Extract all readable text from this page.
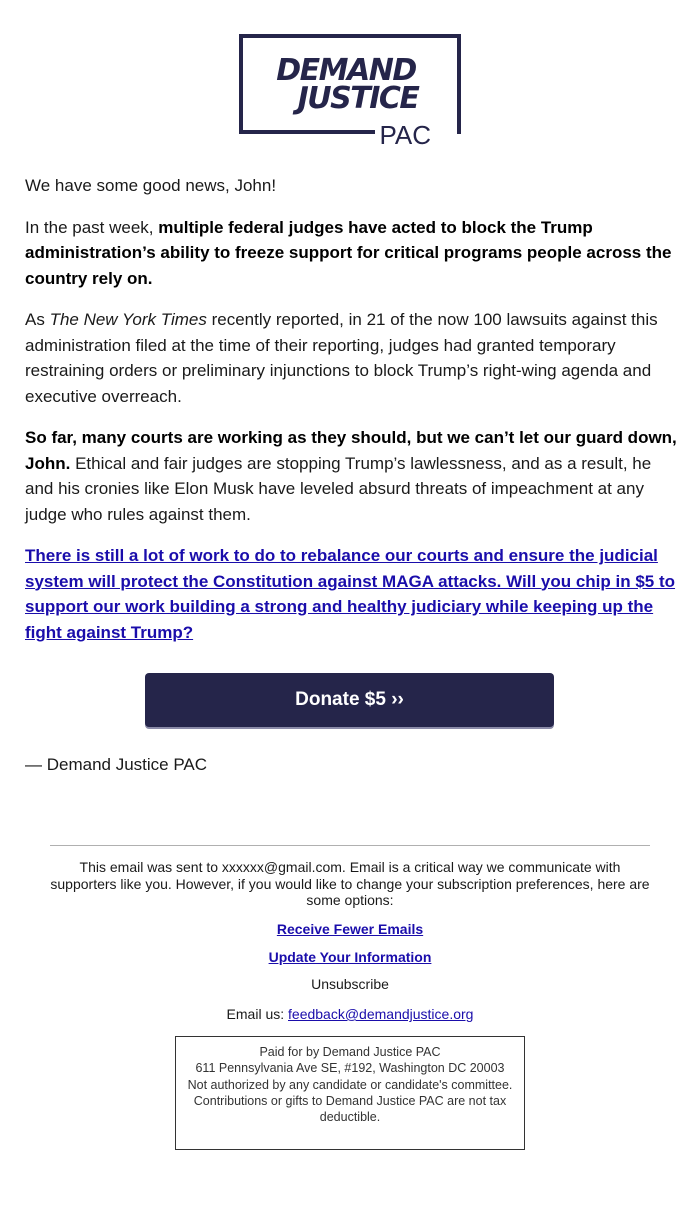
DEMAND
JUSTICE
PAC

We have some good news, John!

In the past week, multiple federal judges have acted to block the Trump administration’s ability to freeze support for critical programs people across the country rely on.

As The New York Times recently reported, in 21 of the now 100 lawsuits against this administration filed at the time of their reporting, judges had granted temporary restraining orders or preliminary injunctions to block Trump’s right-wing agenda and executive overreach.

So far, many courts are working as they should, but we can’t let our guard down, John. Ethical and fair judges are stopping Trump’s lawlessness, and as a result, he and his cronies like Elon Musk have leveled absurd threats of impeachment at any judge who rules against them.

There is still a lot of work to do to rebalance our courts and ensure the judicial system will protect the Constitution against MAGA attacks. Will you chip in $5 to support our work building a strong and healthy judiciary while keeping up the fight against Trump?

Donate $5 ››
— Demand Justice PAC

This email was sent to xxxxxx@gmail.com. Email is a critical way we communicate with supporters like you. However, if you would like to change your subscription preferences, here are some options:

Receive Fewer Emails
Update Your Information
Unsubscribe
Email us: feedback@demandjustice.org
Paid for by Demand Justice PAC
611 Pennsylvania Ave SE, #192, Washington DC 20003
Not authorized by any candidate or candidate's committee.
Contributions or gifts to Demand Justice PAC are not tax deductible.
